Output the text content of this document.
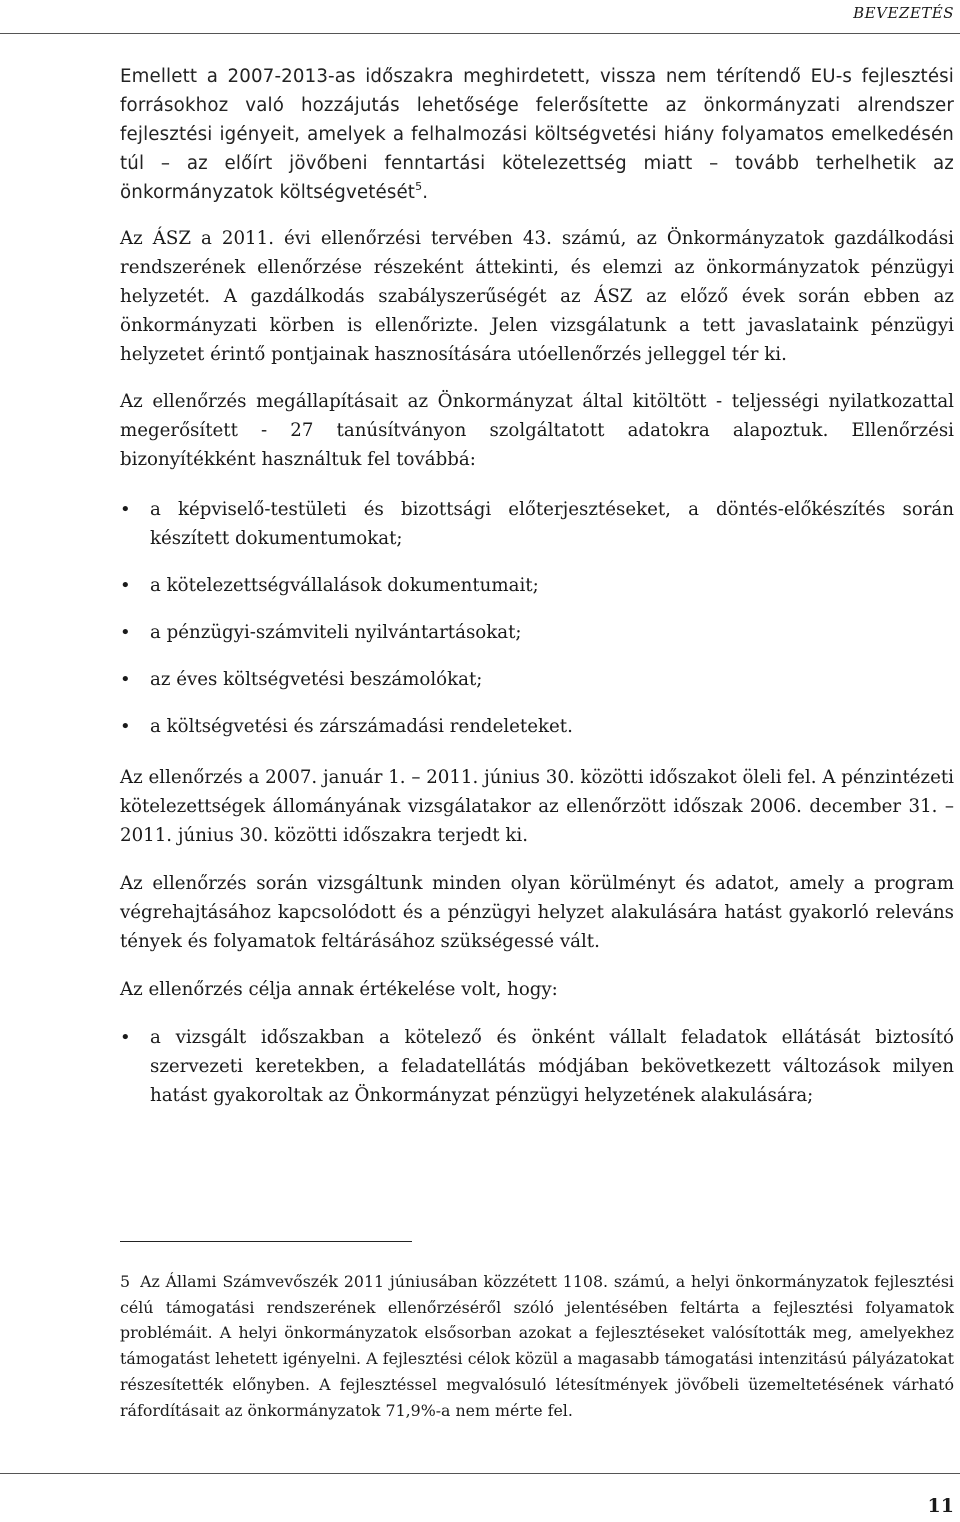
BEVEZETÉS

Emellett a 2007-2013-as időszakra meghirdetett, vissza nem térítendő EU-s fejlesztési forrásokhoz való hozzájutás lehetősége felerősítette az önkormányzati alrendszer fejlesztési igényeit, amelyek a felhalmozási költségvetési hiány folyamatos emelkedésén túl – az előírt jövőbeni fenntartási kötelezettség miatt – tovább terhelhetik az önkormányzatok költségvetését$^5$.

Az ÁSZ a 2011. évi ellenőrzési tervében 43. számú, az Önkormányzatok gazdálkodási rendszerének ellenőrzése részeként áttekinti, és elemzi az önkormányzatok pénzügyi helyzetét. A gazdálkodás szabályszerűségét az ÁSZ az előző évek során ebben az önkormányzati körben is ellenőrizte. Jelen vizsgálatunk a tett javaslataink pénzügyi helyzetet érintő pontjainak hasznosítására utóellenőrzés jelleggel tér ki.

Az ellenőrzés megállapításait az Önkormányzat által kitöltött - teljességi nyilatkozattal megerősített - 27 tanúsítványon szolgáltatott adatokra alapoztuk. Ellenőrzési bizonyítékként használtuk fel továbbá:

• a képviselő-testületi és bizottsági előterjesztéseket, a döntés-előkészítés során készített dokumentumokat;
• a kötelezettségvállalások dokumentumait;
• a pénzügyi-számviteli nyilvántartásokat;
• az éves költségvetési beszámolókat;
• a költségvetési és zárszámadási rendeleteket.

Az ellenőrzés a 2007. január 1. – 2011. június 30. közötti időszakot öleli fel. A pénzintézeti kötelezettségek állományának vizsgálatakor az ellenőrzött időszak 2006. december 31. – 2011. június 30. közötti időszakra terjedt ki.

Az ellenőrzés során vizsgáltunk minden olyan körülményt és adatot, amely a program végrehajtásához kapcsolódott és a pénzügyi helyzet alakulására hatást gyakorló releváns tények és folyamatok feltárásához szükségessé vált.

Az ellenőrzés célja annak értékelése volt, hogy:

• a vizsgált időszakban a kötelező és önként vállalt feladatok ellátását biztosító szervezeti keretekben, a feladatellátás módjában bekövetkezett változások milyen hatást gyakoroltak az Önkormányzat pénzügyi helyzetének alakulására;
5 Az Állami Számvevőszék 2011 júniusában közzétett 1108. számú, a helyi önkormányzatok fejlesztési célú támogatási rendszerének ellenőrzéséről szóló jelentésében feltárta a fejlesztési folyamatok problémáit. A helyi önkormányzatok elsősorban azokat a fejlesztéseket valósították meg, amelyekhez támogatást lehetett igényelni. A fejlesztési célok közül a magasabb támogatási intenzitású pályázatokat részesítették előnyben. A fejlesztéssel megvalósuló létesítmények jövőbeli üzemeltetésének várható ráfordításait az önkormányzatok 71,9%-a nem mérte fel.
11
